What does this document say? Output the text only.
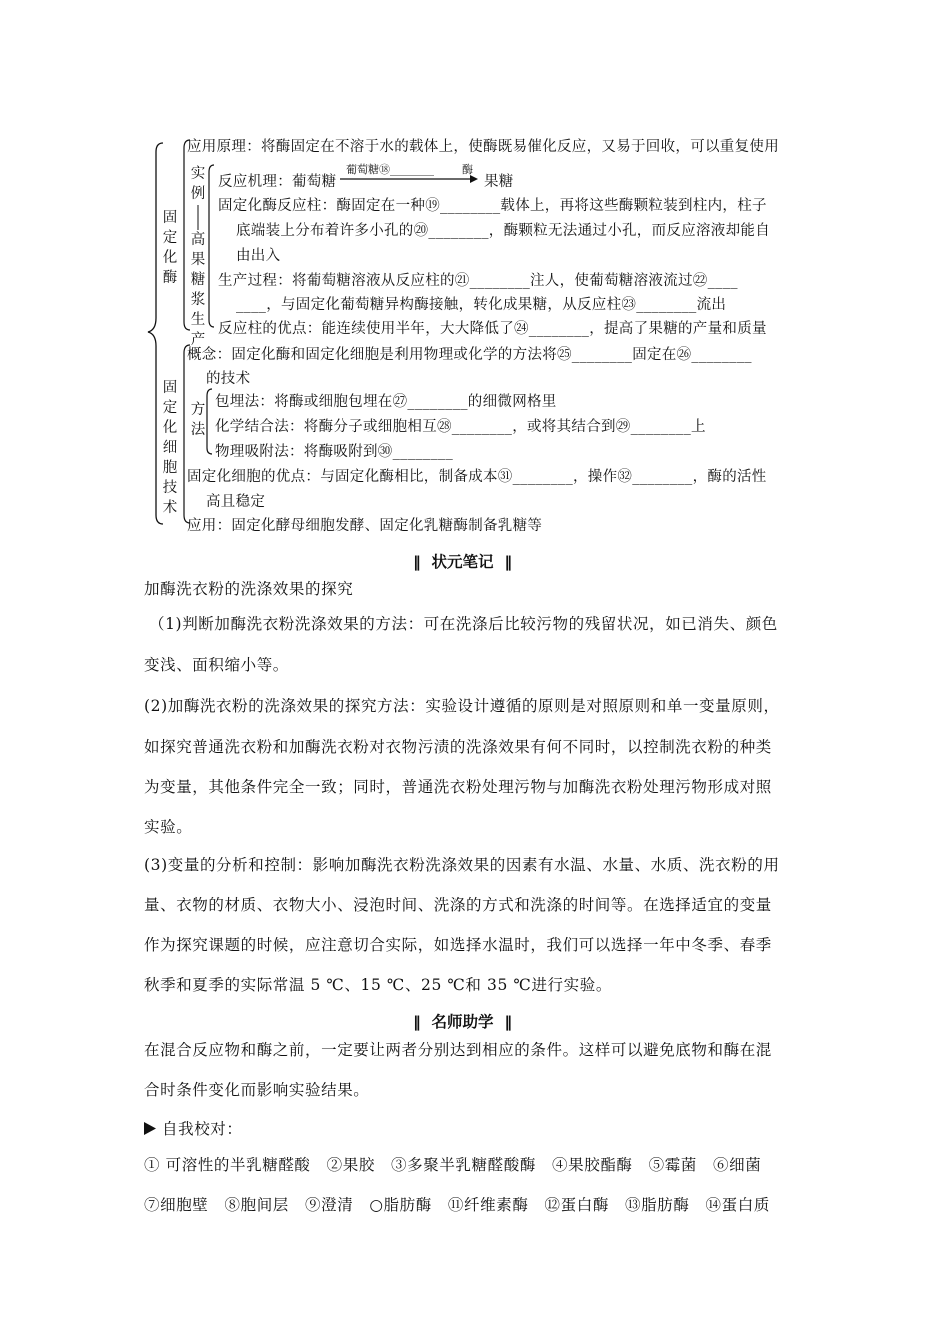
固定化酶
实例
高果糖浆生产
固定化细胞技术
方法
应用原理：将酶固定在不溶于水的载体上，使酶既易催化反应，又易于回收，可以重复使用
反应机理：葡萄糖
葡萄糖⑱________	酶
果糖
固定化酶反应柱：酶固定在一种⑲________载体上，再将这些酶颗粒装到柱内，柱子
底端装上分布着许多小孔的⑳________，酶颗粒无法通过小孔，而反应溶液却能自
由出入
生产过程：将葡萄糖溶液从反应柱的㉑________注人，使葡萄糖溶液流过㉒____
____，与固定化葡萄糖异构酶接触，转化成果糖，从反应柱㉓________流出
反应柱的优点：能连续使用半年，大大降低了㉔________，提高了果糖的产量和质量
概念：固定化酶和固定化细胞是利用物理或化学的方法将㉕________固定在㉖________
的技术
包埋法：将酶或细胞包埋在㉗________的细微网格里
化学结合法：将酶分子或细胞相互㉘________，或将其结合到㉙________上
物理吸附法：将酶吸附到㉚________
固定化细胞的优点：与固定化酶相比，制备成本㉛________，操作㉜________，酶的活性
高且稳定
应用：固定化酵母细胞发酵、固定化乳糖酶制备乳糖等
‖ 状元笔记 ‖
加酶洗衣粉的洗涤效果的探究
（1)判断加酶洗衣粉洗涤效果的方法：可在洗涤后比较污物的残留状况，如已消失、颜色
变浅、面积缩小等。
(2)加酶洗衣粉的洗涤效果的探究方法：实验设计遵循的原则是对照原则和单一变量原则，
如探究普通洗衣粉和加酶洗衣粉对衣物污渍的洗涤效果有何不同时，以控制洗衣粉的种类
为变量，其他条件完全一致；同时，普通洗衣粉处理污物与加酶洗衣粉处理污物形成对照
实验。
(3)变量的分析和控制：影响加酶洗衣粉洗涤效果的因素有水温、水量、水质、洗衣粉的用
量、衣物的材质、衣物大小、浸泡时间、洗涤的方式和洗涤的时间等。在选择适宜的变量
作为探究课题的时候，应注意切合实际，如选择水温时，我们可以选择一年中冬季、春季
秋季和夏季的实际常温 5 ℃、15 ℃、25 ℃和 35 ℃进行实验。
‖ 名师助学 ‖
在混合反应物和酶之前，一定要让两者分别达到相应的条件。这样可以避免底物和酶在混
合时条件变化而影响实验结果。
自我校对：
① 可溶性的半乳糖醛酸　②果胶　③多聚半乳糖醛酸酶　④果胶酯酶　⑤霉菌　⑥细菌
⑦细胞壁　⑧胞间层　⑨澄清　○脂肪酶　⑪纤维素酶　⑫蛋白酶　⑬脂肪酶　⑭蛋白质
